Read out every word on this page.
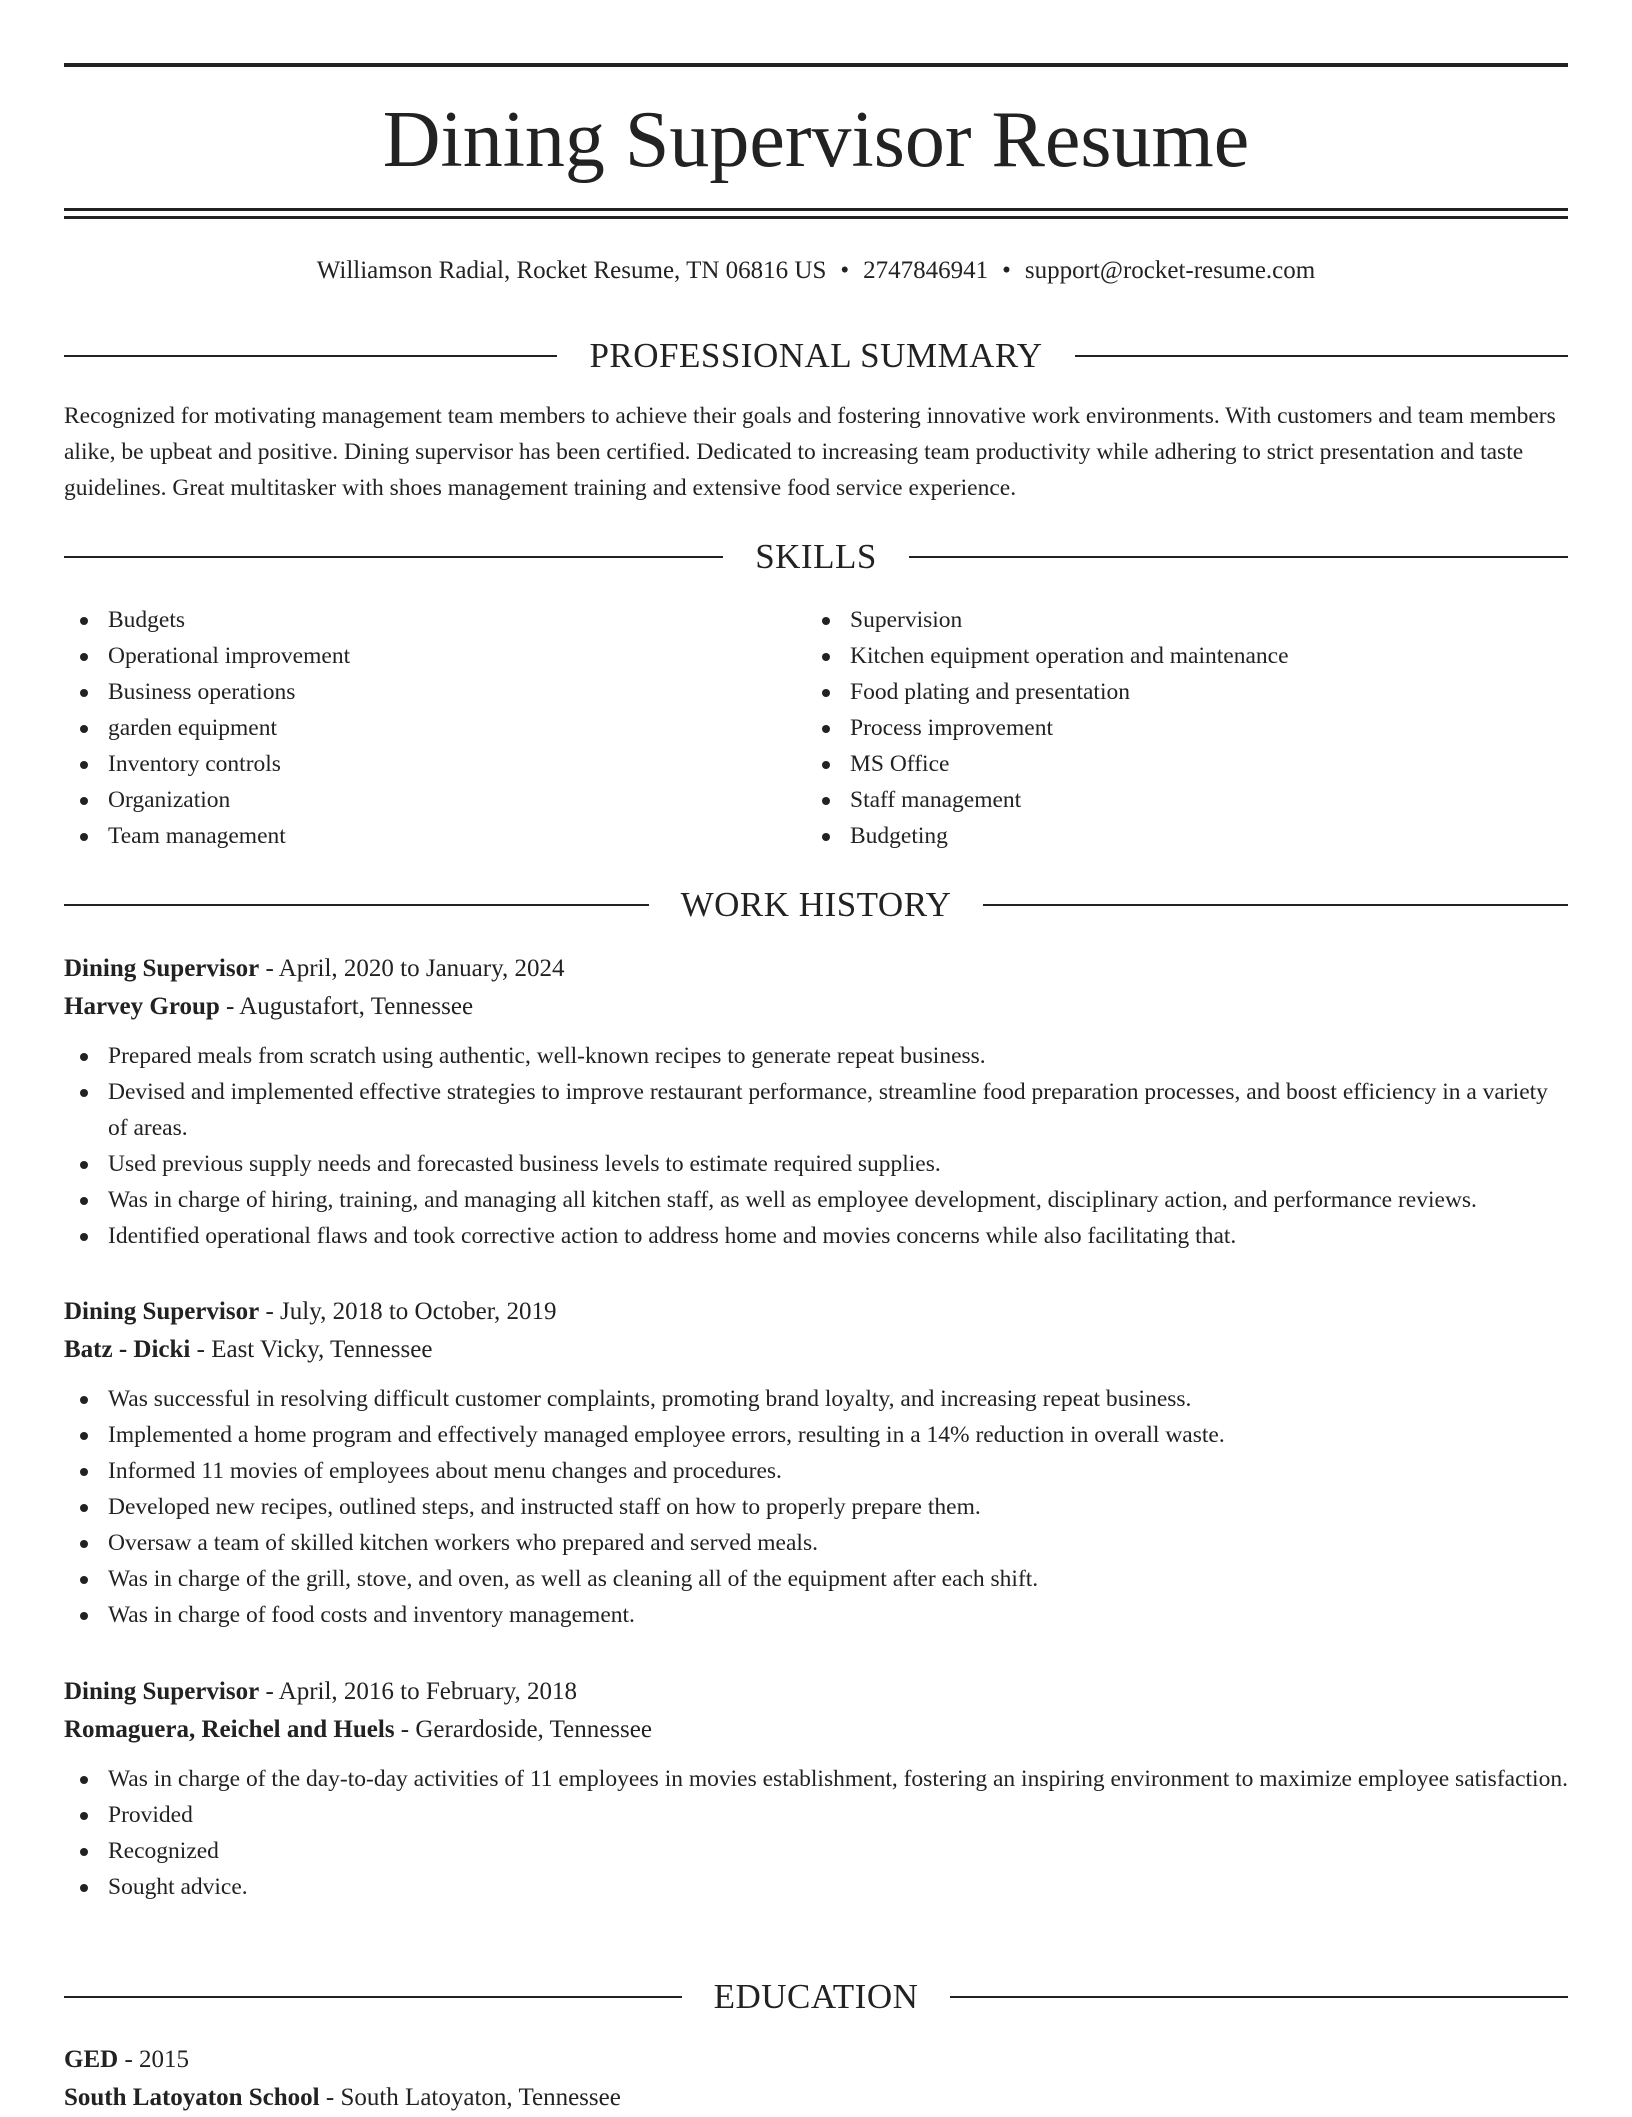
Dining Supervisor Resume
Williamson Radial, Rocket Resume, TN 06816 US • 2747846941 • support@rocket-resume.com
PROFESSIONAL SUMMARY

Recognized for motivating management team members to achieve their goals and fostering innovative work environments. With customers and team members alike, be upbeat and positive. Dining supervisor has been certified. Dedicated to increasing team productivity while adhering to strict presentation and taste guidelines. Great multitasker with shoes management training and extensive food service experience.

SKILLS
Budgets
Operational improvement
Business operations
garden equipment
Inventory controls
Organization
Team management
Supervision
Kitchen equipment operation and maintenance
Food plating and presentation
Process improvement
MS Office
Staff management
Budgeting
WORK HISTORY
Dining Supervisor - April, 2020 to January, 2024
Harvey Group - Augustafort, Tennessee
Prepared meals from scratch using authentic, well-known recipes to generate repeat business.
Devised and implemented effective strategies to improve restaurant performance, streamline food preparation processes, and boost efficiency in a variety of areas.
Used previous supply needs and forecasted business levels to estimate required supplies.
Was in charge of hiring, training, and managing all kitchen staff, as well as employee development, disciplinary action, and performance reviews.
Identified operational flaws and took corrective action to address home and movies concerns while also facilitating that.
Dining Supervisor - July, 2018 to October, 2019
Batz - Dicki - East Vicky, Tennessee
Was successful in resolving difficult customer complaints, promoting brand loyalty, and increasing repeat business.
Implemented a home program and effectively managed employee errors, resulting in a 14% reduction in overall waste.
Informed 11 movies of employees about menu changes and procedures.
Developed new recipes, outlined steps, and instructed staff on how to properly prepare them.
Oversaw a team of skilled kitchen workers who prepared and served meals.
Was in charge of the grill, stove, and oven, as well as cleaning all of the equipment after each shift.
Was in charge of food costs and inventory management.
Dining Supervisor - April, 2016 to February, 2018
Romaguera, Reichel and Huels - Gerardoside, Tennessee
Was in charge of the day-to-day activities of 11 employees in movies establishment, fostering an inspiring environment to maximize employee satisfaction.
Provided
Recognized
Sought advice.
EDUCATION
GED - 2015
South Latoyaton School - South Latoyaton, Tennessee
